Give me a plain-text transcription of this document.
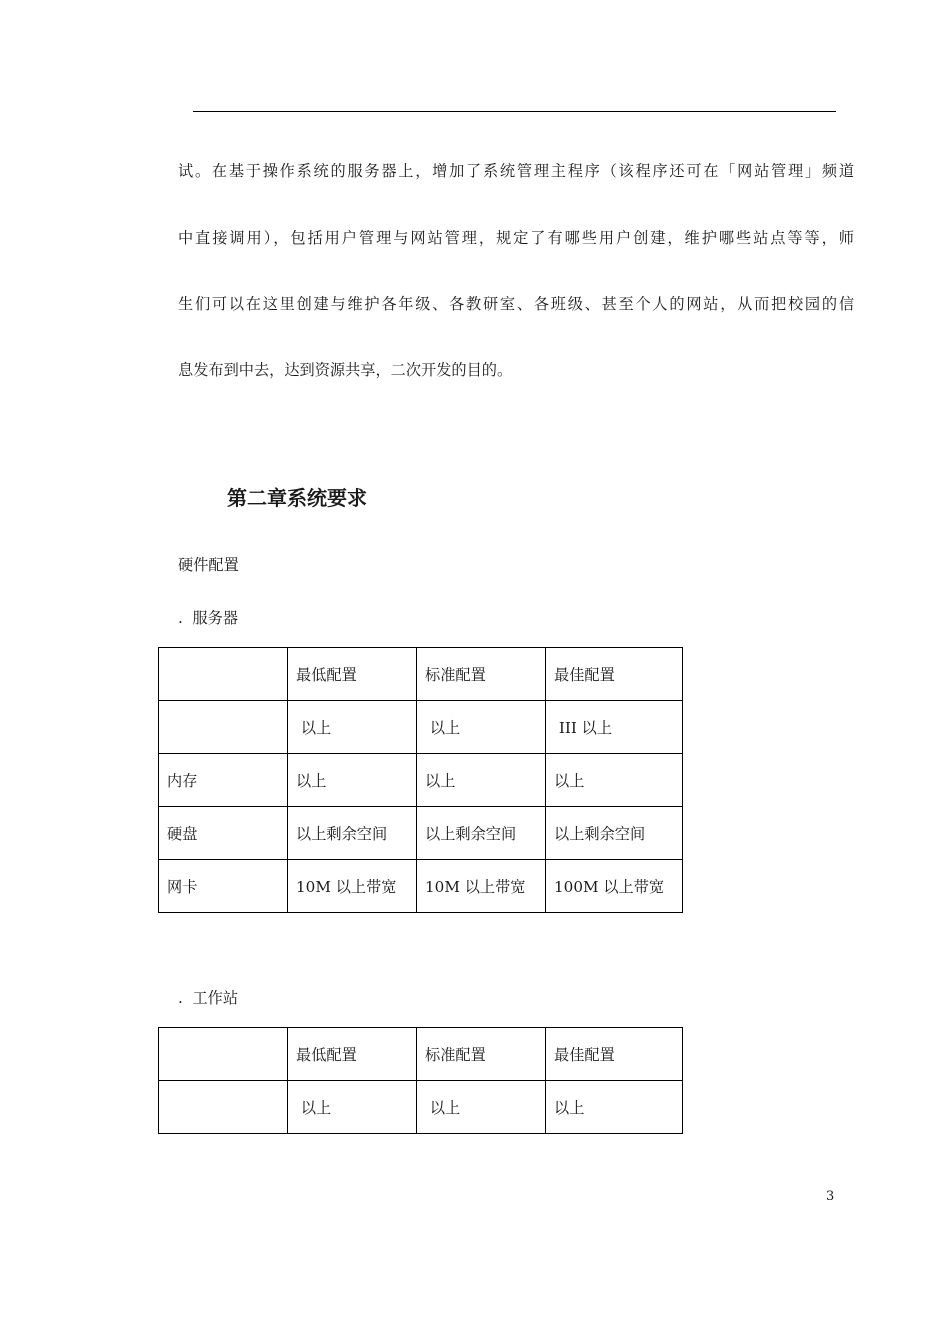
试。在基于操作系统的服务器上，增加了系统管理主程序（该程序还可在「网站管理」频道
中直接调用），包括用户管理与网站管理，规定了有哪些用户创建，维护哪些站点等等，师
生们可以在这里创建与维护各年级、各教研室、各班级、甚至个人的网站，从而把校园的信
息发布到中去，达到资源共享，二次开发的目的。
第二章系统要求
硬件配置
.  服务器
	最低配置	标准配置	最佳配置
	以上	以上	III 以上
内存	以上	以上	以上
硬盘	以上剩余空间	以上剩余空间	以上剩余空间
网卡	10M 以上带宽	10M 以上带宽	100M 以上带宽
.  工作站
	最低配置	标准配置	最佳配置
	以上	以上	以上
3
